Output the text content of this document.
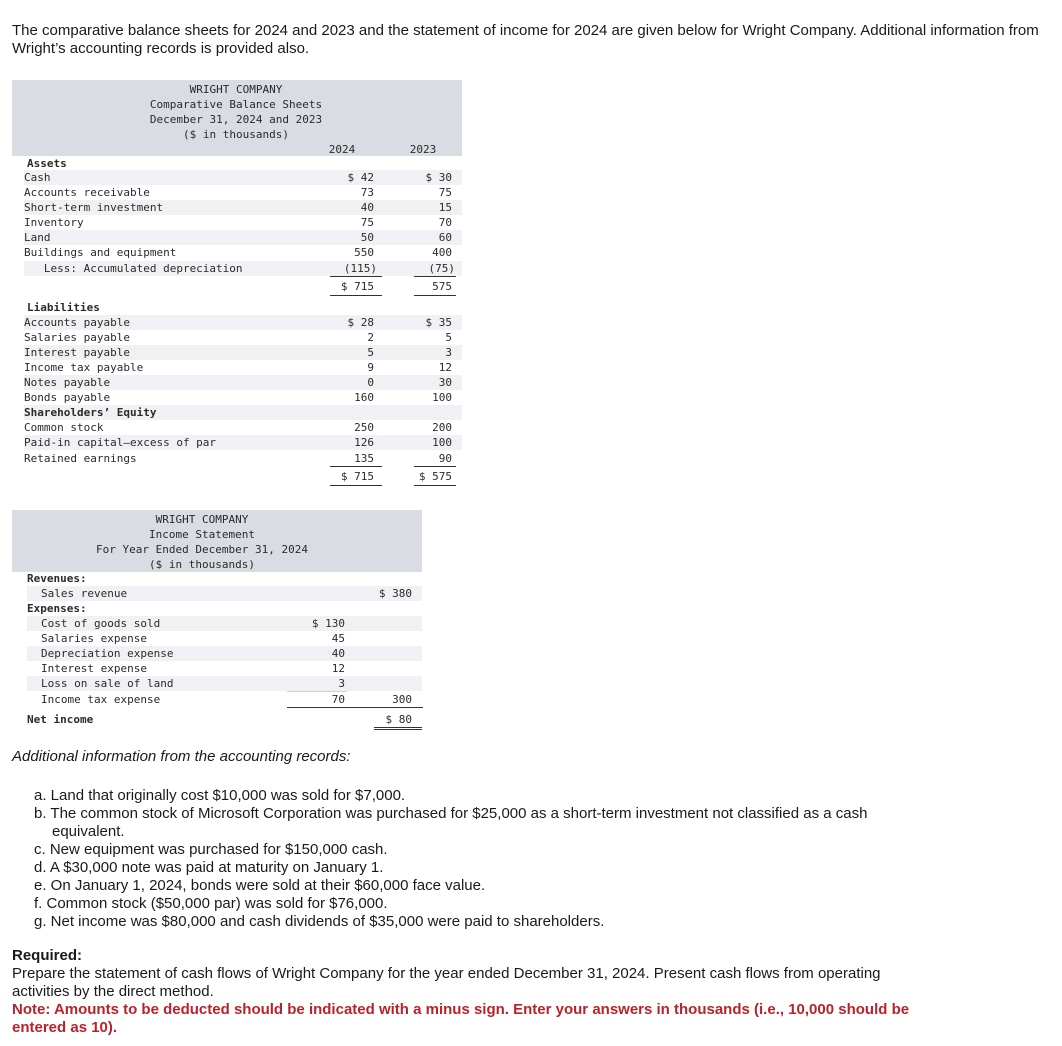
The comparative balance sheets for 2024 and 2023 and the statement of income for 2024 are given below for Wright Company. Additional information from Wright’s accounting records is provided also.
WRIGHT COMPANY
Comparative Balance Sheets
December 31, 2024 and 2023
($ in thousands)
2024	2023
Assets
Cash	$ 42	$ 30
Accounts receivable	73	75
Short-term investment	40	15
Inventory	75	70
Land	50	60
Buildings and equipment	550	400
Less: Accumulated depreciation	(115)	(75)
$ 715	575
Liabilities
Accounts payable	$ 28	$ 35
Salaries payable	2	5
Interest payable	5	3
Income tax payable	9	12
Notes payable	0	30
Bonds payable	160	100
Shareholders’ Equity
Common stock	250	200
Paid-in capital—excess of par	126	100
Retained earnings	135	90
$ 715	$ 575
WRIGHT COMPANY
Income Statement
For Year Ended December 31, 2024
($ in thousands)
Revenues:
Sales revenue	$ 380
Expenses:
Cost of goods sold	$ 130
Salaries expense	45
Depreciation expense	40
Interest expense	12
Loss on sale of land	3
Income tax expense	70	300
Net income	$ 80
Additional information from the accounting records:
a. Land that originally cost $10,000 was sold for $7,000.
b. The common stock of Microsoft Corporation was purchased for $25,000 as a short-term investment not classified as a cash equivalent.
c. New equipment was purchased for $150,000 cash.
d. A $30,000 note was paid at maturity on January 1.
e. On January 1, 2024, bonds were sold at their $60,000 face value.
f. Common stock ($50,000 par) was sold for $76,000.
g. Net income was $80,000 and cash dividends of $35,000 were paid to shareholders.
Required:
Prepare the statement of cash flows of Wright Company for the year ended December 31, 2024. Present cash flows from operating activities by the direct method.
Note: Amounts to be deducted should be indicated with a minus sign. Enter your answers in thousands (i.e., 10,000 should be entered as 10).
